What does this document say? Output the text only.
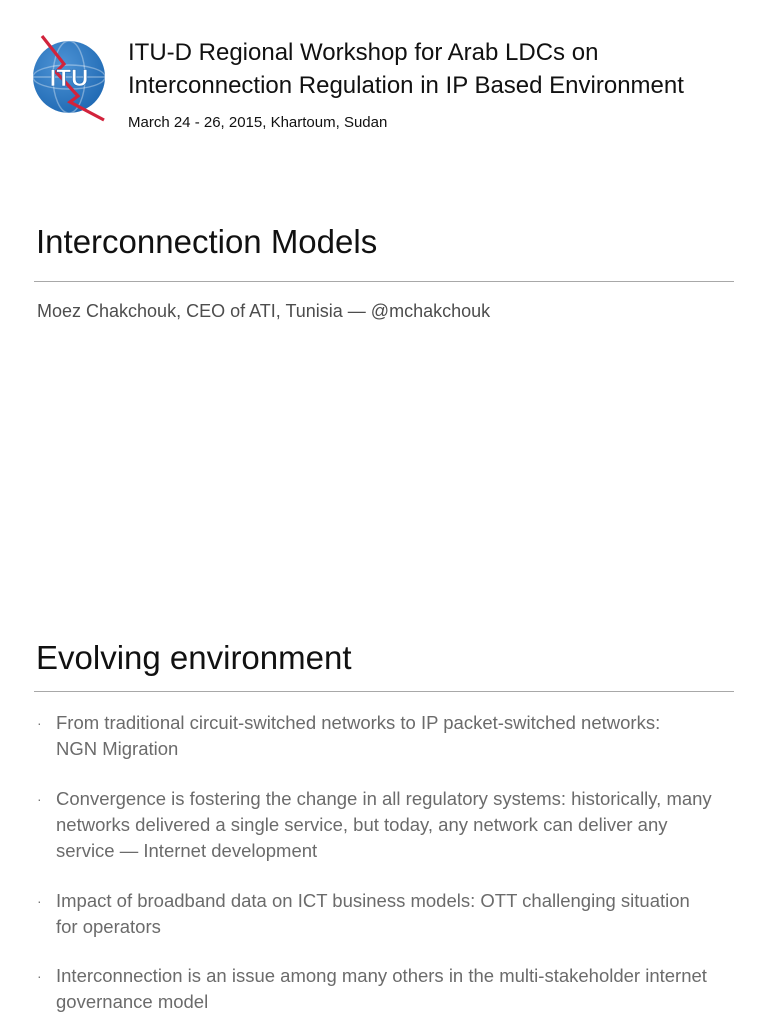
ITU
ITU-D Regional Workshop for Arab LDCs on
Interconnection Regulation in IP Based Environment
March 24 - 26, 2015, Khartoum, Sudan
Interconnection Models
Moez Chakchouk, CEO of ATI, Tunisia — @mchakchouk
Evolving environment
· From traditional circuit-switched networks to IP packet-switched networks:
NGN Migration
· Convergence is fostering the change in all regulatory systems: historically, many
networks delivered a single service, but today, any network can deliver any
service — Internet development
· Impact of broadband data on ICT business models: OTT challenging situation
for operators
· Interconnection is an issue among many others in the multi-stakeholder internet
governance model
